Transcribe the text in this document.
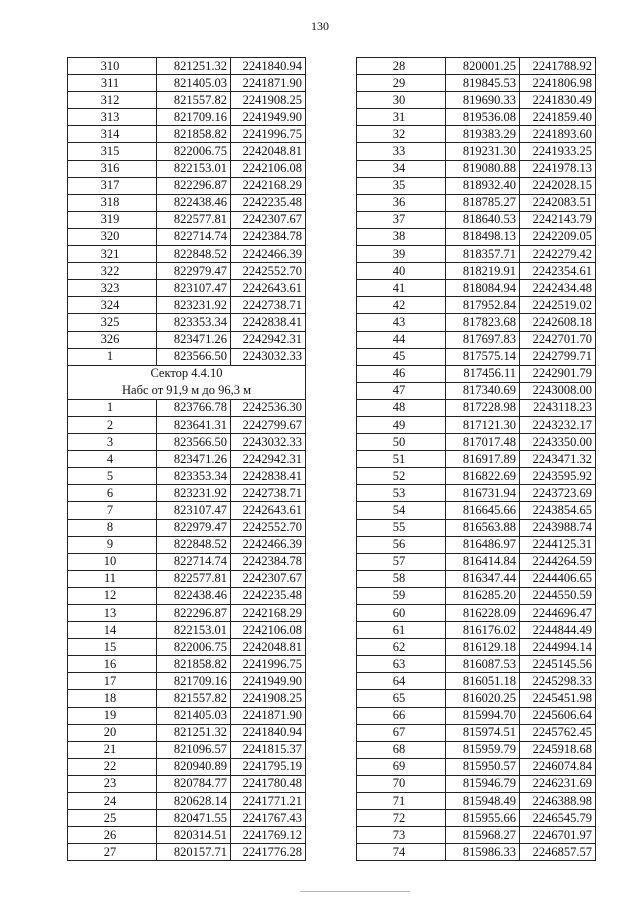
130
310	821251.32	2241840.94
311	821405.03	2241871.90
312	821557.82	2241908.25
313	821709.16	2241949.90
314	821858.82	2241996.75
315	822006.75	2242048.81
316	822153.01	2242106.08
317	822296.87	2242168.29
318	822438.46	2242235.48
319	822577.81	2242307.67
320	822714.74	2242384.78
321	822848.52	2242466.39
322	822979.47	2242552.70
323	823107.47	2242643.61
324	823231.92	2242738.71
325	823353.34	2242838.41
326	823471.26	2242942.31
1	823566.50	2243032.33
Сектор 4.4.10		
Набс от 91,9 м до 96,3 м		
1	823766.78	2242536.30
2	823641.31	2242799.67
3	823566.50	2243032.33
4	823471.26	2242942.31
5	823353.34	2242838.41
6	823231.92	2242738.71
7	823107.47	2242643.61
8	822979.47	2242552.70
9	822848.52	2242466.39
10	822714.74	2242384.78
11	822577.81	2242307.67
12	822438.46	2242235.48
13	822296.87	2242168.29
14	822153.01	2242106.08
15	822006.75	2242048.81
16	821858.82	2241996.75
17	821709.16	2241949.90
18	821557.82	2241908.25
19	821405.03	2241871.90
20	821251.32	2241840.94
21	821096.57	2241815.37
22	820940.89	2241795.19
23	820784.77	2241780.48
24	820628.14	2241771.21
25	820471.55	2241767.43
26	820314.51	2241769.12
27	820157.71	2241776.28
28	820001.25	2241788.92
29	819845.53	2241806.98
30	819690.33	2241830.49
31	819536.08	2241859.40
32	819383.29	2241893.60
33	819231.30	2241933.25
34	819080.88	2241978.13
35	818932.40	2242028.15
36	818785.27	2242083.51
37	818640.53	2242143.79
38	818498.13	2242209.05
39	818357.71	2242279.42
40	818219.91	2242354.61
41	818084.94	2242434.48
42	817952.84	2242519.02
43	817823.68	2242608.18
44	817697.83	2242701.70
45	817575.14	2242799.71
46	817456.11	2242901.79
47	817340.69	2243008.00
48	817228.98	2243118.23
49	817121.30	2243232.17
50	817017.48	2243350.00
51	816917.89	2243471.32
52	816822.69	2243595.92
53	816731.94	2243723.69
54	816645.66	2243854.65
55	816563.88	2243988.74
56	816486.97	2244125.31
57	816414.84	2244264.59
58	816347.44	2244406.65
59	816285.20	2244550.59
60	816228.09	2244696.47
61	816176.02	2244844.49
62	816129.18	2244994.14
63	816087.53	2245145.56
64	816051.18	2245298.33
65	816020.25	2245451.98
66	815994.70	2245606.64
67	815974.51	2245762.45
68	815959.79	2245918.68
69	815950.57	2246074.84
70	815946.79	2246231.69
71	815948.49	2246388.98
72	815955.66	2246545.79
73	815968.27	2246701.97
74	815986.33	2246857.57
